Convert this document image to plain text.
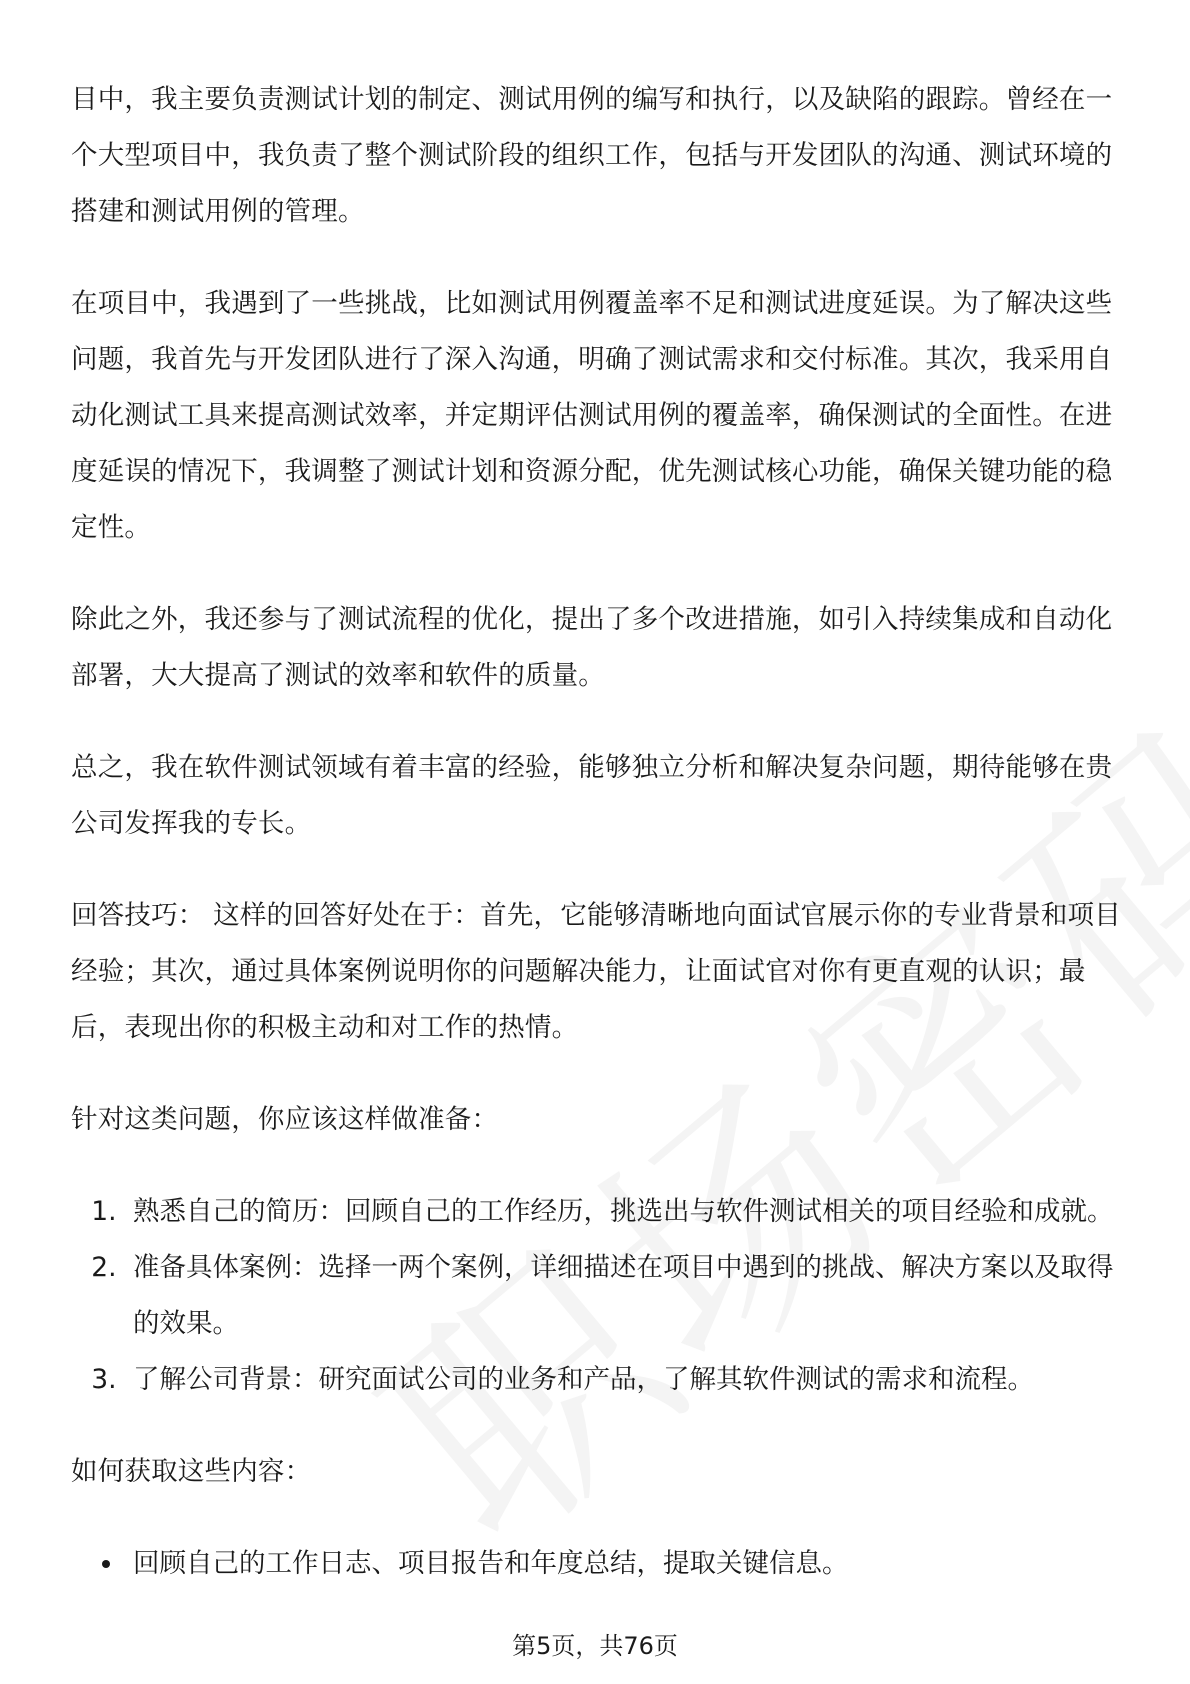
目中，我主要负责测试计划的制定、测试用例的编写和执行，以及缺陷的跟踪。曾经在一个大型项目中，我负责了整个测试阶段的组织工作，包括与开发团队的沟通、测试环境的搭建和测试用例的管理。

在项目中，我遇到了一些挑战，比如测试用例覆盖率不足和测试进度延误。为了解决这些问题，我首先与开发团队进行了深入沟通，明确了测试需求和交付标准。其次，我采用自动化测试工具来提高测试效率，并定期评估测试用例的覆盖率，确保测试的全面性。在进度延误的情况下，我调整了测试计划和资源分配，优先测试核心功能，确保关键功能的稳定性。

除此之外，我还参与了测试流程的优化，提出了多个改进措施，如引入持续集成和自动化部署，大大提高了测试的效率和软件的质量。

总之，我在软件测试领域有着丰富的经验，能够独立分析和解决复杂问题，期待能够在贵公司发挥我的专长。

回答技巧： 这样的回答好处在于：首先，它能够清晰地向面试官展示你的专业背景和项目经验；其次，通过具体案例说明你的问题解决能力，让面试官对你有更直观的认识；最后，表现出你的积极主动和对工作的热情。

针对这类问题，你应该这样做准备：

1. 熟悉自己的简历：回顾自己的工作经历，挑选出与软件测试相关的项目经验和成就。
2. 准备具体案例：选择一两个案例，详细描述在项目中遇到的挑战、解决方案以及取得的效果。
3. 了解公司背景：研究面试公司的业务和产品，了解其软件测试的需求和流程。

如何获取这些内容：

• 回顾自己的工作日志、项目报告和年度总结，提取关键信息。
第5页，共76页
